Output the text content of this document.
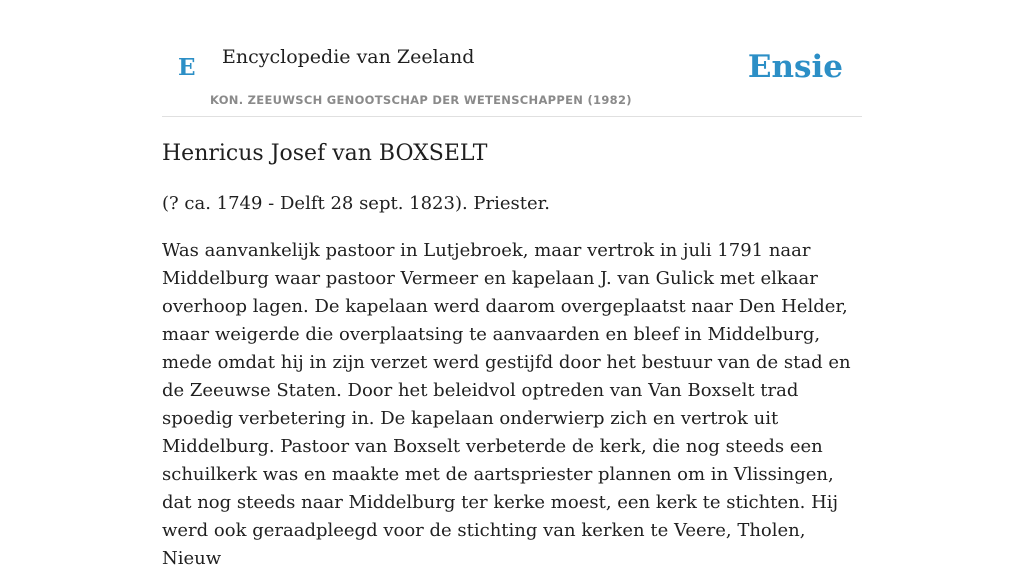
E Encyclopedie van Zeeland
KON. ZEEUWSCH GENOOTSCHAP DER WETENSCHAPPEN (1982)
Ensie
Henricus Josef van BOXSELT

(? ca. 1749 - Delft 28 sept. 1823). Priester.

Was aanvankelijk pastoor in Lutjebroek, maar vertrok in juli 1791 naar Middelburg waar pastoor Vermeer en kapelaan J. van Gulick met elkaar overhoop lagen. De kapelaan werd daarom overgeplaatst naar Den Helder, maar weigerde die overplaatsing te aanvaarden en bleef in Middelburg, mede omdat hij in zijn verzet werd gestijfd door het bestuur van de stad en de Zeeuwse Staten. Door het beleidvol optreden van Van Boxselt trad spoedig verbetering in. De kapelaan onderwierp zich en vertrok uit Middelburg. Pastoor van Boxselt verbeterde de kerk, die nog steeds een schuilkerk was en maakte met de aartspriester plannen om in Vlissingen, dat nog steeds naar Middelburg ter kerke moest, een kerk te stichten. Hij werd ook geraadpleegd voor de stichting van kerken te Veere, Tholen, Nieuw
